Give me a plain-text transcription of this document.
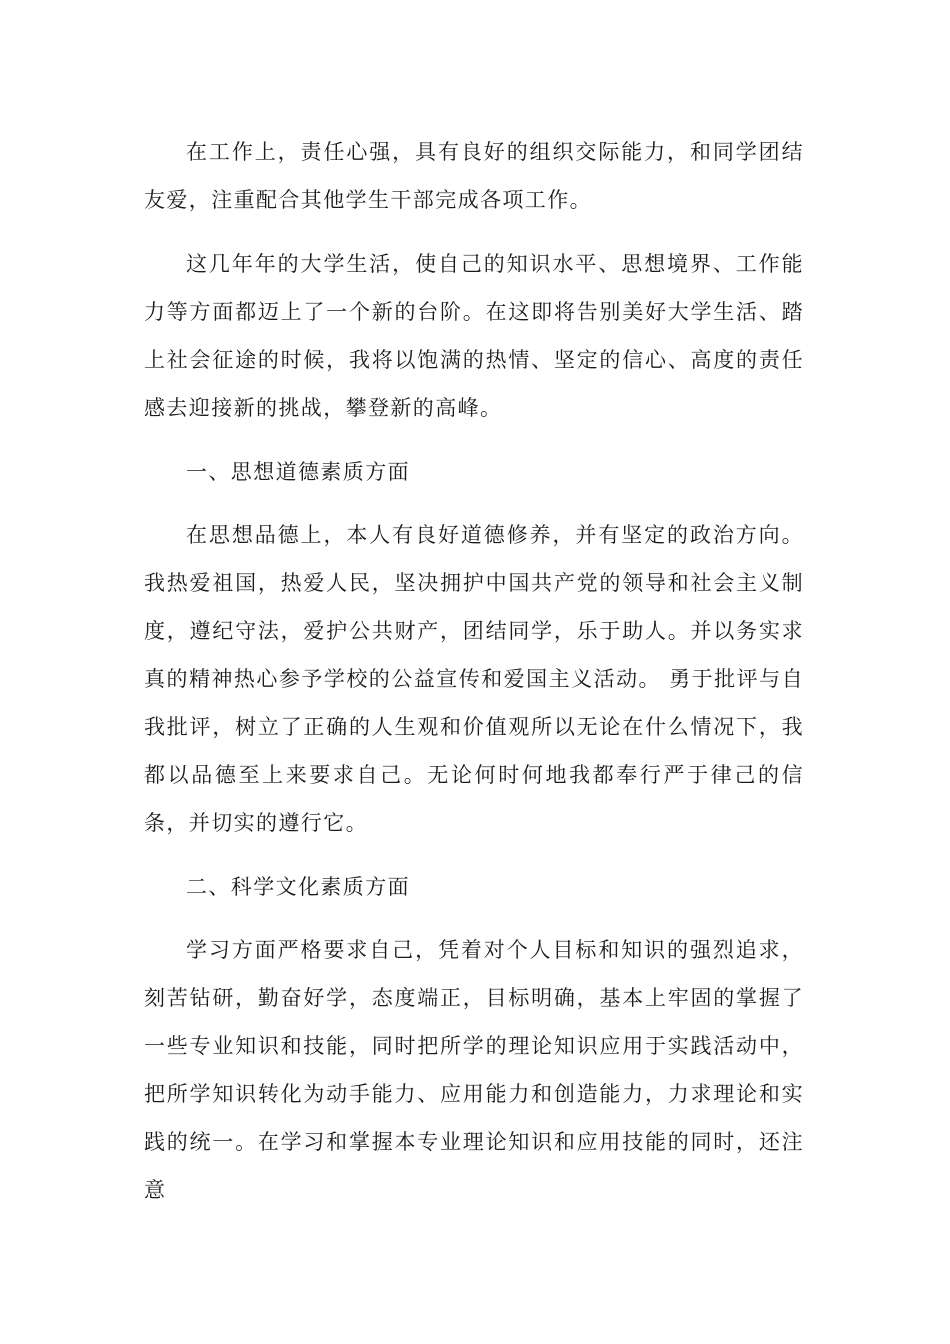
在工作上，责任心强，具有良好的组织交际能力，和同学团结友爱，注重配合其他学生干部完成各项工作。

这几年年的大学生活，使自己的知识水平、思想境界、工作能力等方面都迈上了一个新的台阶。在这即将告别美好大学生活、踏上社会征途的时候，我将以饱满的热情、坚定的信心、高度的责任感去迎接新的挑战，攀登新的高峰。

一、思想道德素质方面

在思想品德上，本人有良好道德修养，并有坚定的政治方向。我热爱祖国，热爱人民，坚决拥护中国共产党的领导和社会主义制度，遵纪守法，爱护公共财产，团结同学，乐于助人。并以务实求真的精神热心参予学校的公益宣传和爱国主义活动。 勇于批评与自我批评，树立了正确的人生观和价值观所以无论在什么情况下，我都以品德至上来要求自己。无论何时何地我都奉行严于律己的信条，并切实的遵行它。

二、科学文化素质方面

学习方面严格要求自己，凭着对个人目标和知识的强烈追求，刻苦钻研，勤奋好学，态度端正，目标明确，基本上牢固的掌握了一些专业知识和技能，同时把所学的理论知识应用于实践活动中，把所学知识转化为动手能力、应用能力和创造能力，力求理论和实践的统一。在学习和掌握本专业理论知识和应用技能的同时，还注意
